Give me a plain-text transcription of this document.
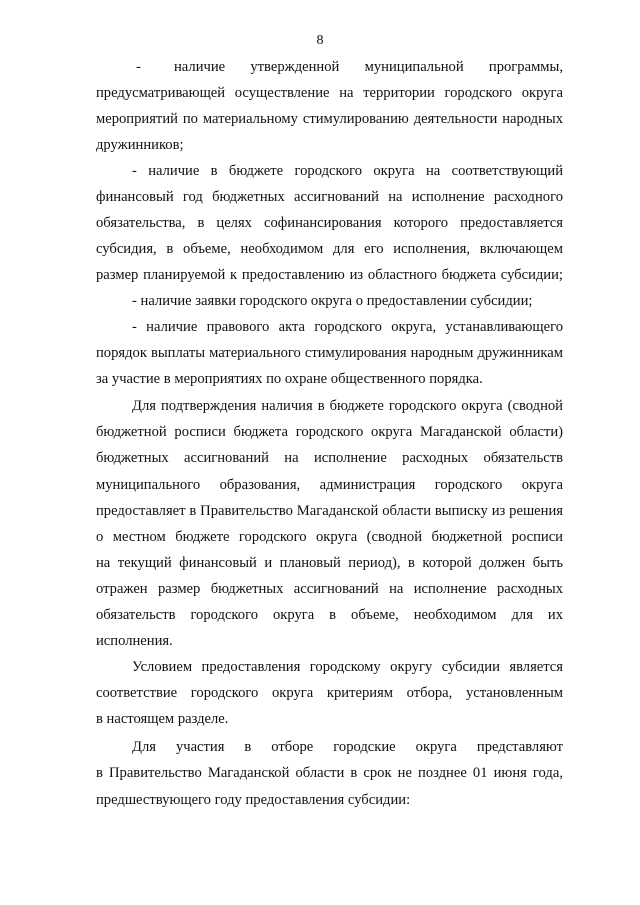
8
-	наличие утвержденной муниципальной программы,
предусматривающей осуществление на территории городского округа
мероприятий по материальному стимулированию деятельности народных
дружинников;
- наличие в бюджете городского округа на соответствующий
финансовый год бюджетных ассигнований на исполнение расходного
обязательства, в целях софинансирования которого предоставляется
субсидия, в объеме, необходимом для его исполнения, включающем
размер планируемой к предоставлению из областного бюджета субсидии;
- наличие заявки городского округа о предоставлении субсидии;
- наличие правового акта городского округа, устанавливающего
порядок выплаты материального стимулирования народным дружинникам
за участие в мероприятиях по охране общественного порядка.
Для подтверждения наличия в бюджете городского округа (сводной
бюджетной росписи бюджета городского округа Магаданской области)
бюджетных ассигнований на исполнение расходных обязательств
муниципального образования, администрация городского округа
предоставляет в Правительство Магаданской области выписку из решения
о местном бюджете городского округа (сводной бюджетной росписи
на текущий финансовый и плановый период), в которой должен быть
отражен размер бюджетных ассигнований на исполнение расходных
обязательств городского округа в объеме, необходимом для их
исполнения.
Условием предоставления городскому округу субсидии является
соответствие городского округа критериям отбора, установленным
в настоящем разделе.
Для участия в отборе городские округа представляют
в Правительство Магаданской области в срок не позднее 01 июня года,
предшествующего году предоставления субсидии:
